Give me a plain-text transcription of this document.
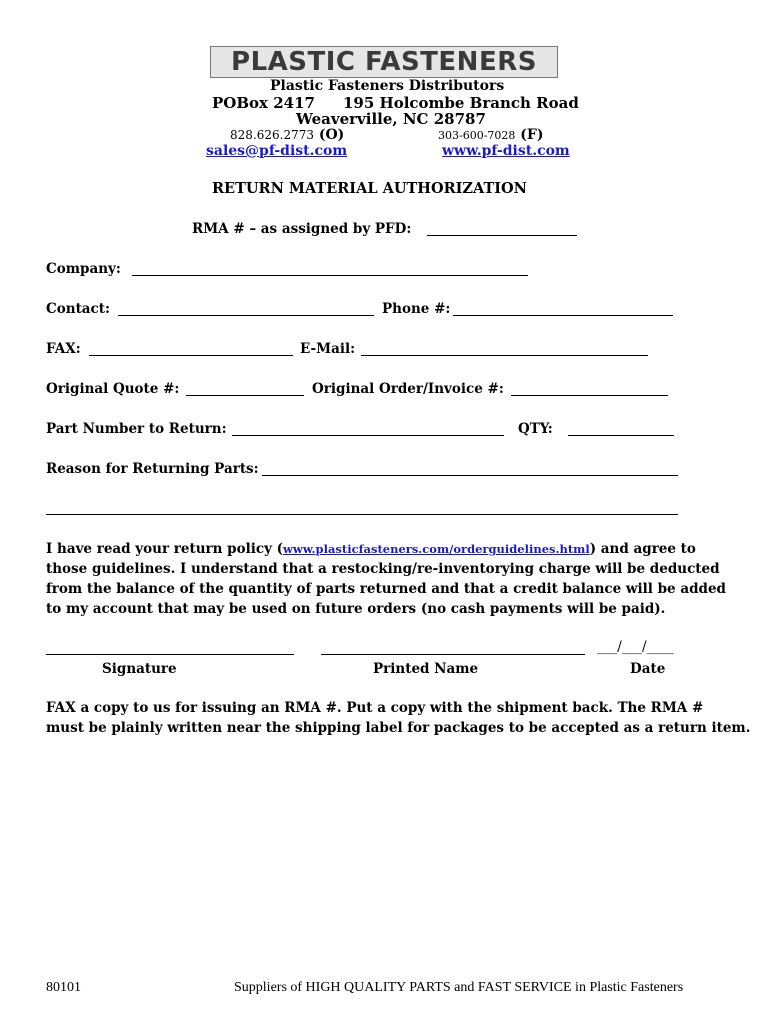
PLASTIC FASTENERS
Plastic Fasteners Distributors
POBox 2417 195 Holcombe Branch Road
Weaverville, NC 28787
828.626.2773 (O)	303-600-7028 (F)
sales@pf-dist.com	www.pf-dist.com
RETURN MATERIAL AUTHORIZATION
RMA # – as assigned by PFD:
Company:
Contact:	Phone #:
FAX:	E-Mail:
Original Quote #:	Original Order/Invoice #:
Part Number to Return:	QTY:
Reason for Returning Parts:
I have read your return policy (www.plasticfasteners.com/orderguidelines.html) and agree to those guidelines. I understand that a restocking/re-inventorying charge will be deducted from the balance of the quantity of parts returned and that a credit balance will be added to my account that may be used on future orders (no cash payments will be paid).
___/___/____
Signature	Printed Name	Date
FAX a copy to us for issuing an RMA #. Put a copy with the shipment back. The RMA #
must be plainly written near the shipping label for packages to be accepted as a return item.
80101	Suppliers of HIGH QUALITY PARTS and FAST SERVICE in Plastic Fasteners
